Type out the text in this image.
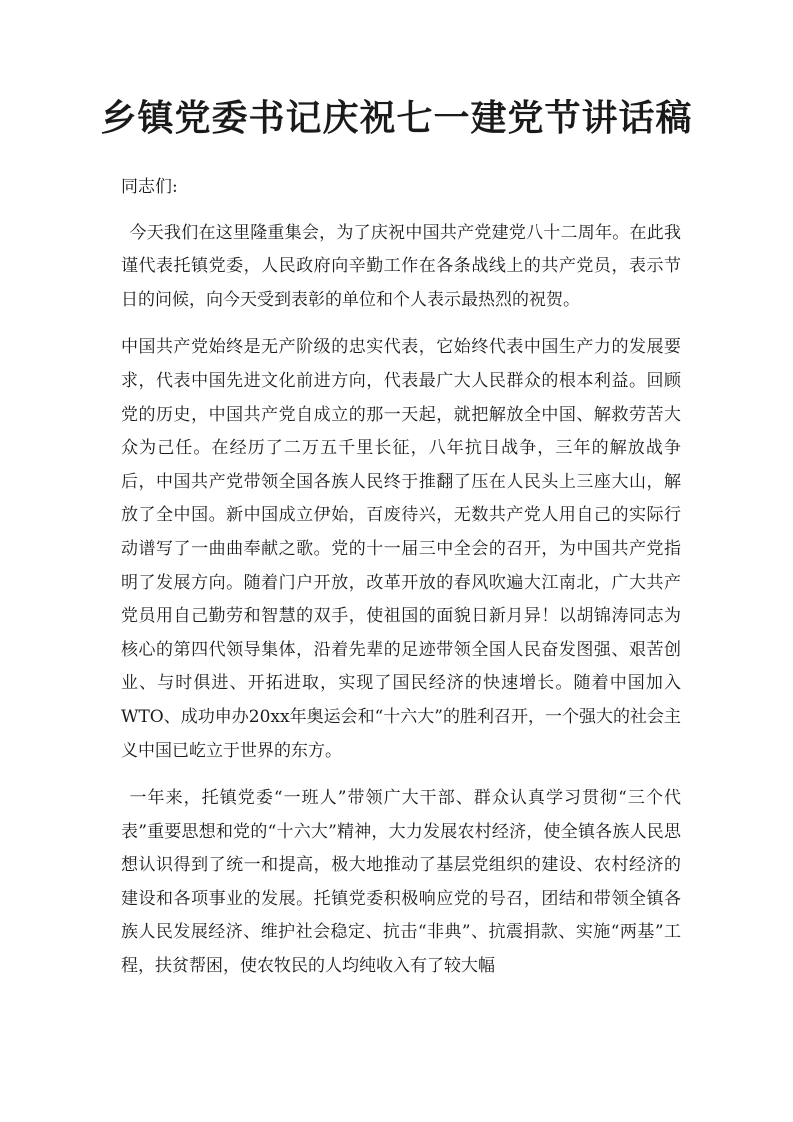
乡镇党委书记庆祝七一建党节讲话稿

同志们:

今天我们在这里隆重集会，为了庆祝中国共产党建党八十二周年。在此我谨代表托镇党委，人民政府向辛勤工作在各条战线上的共产党员，表示节日的问候，向今天受到表彰的单位和个人表示最热烈的祝贺。

中国共产党始终是无产阶级的忠实代表，它始终代表中国生产力的发展要求，代表中国先进文化前进方向，代表最广大人民群众的根本利益。回顾党的历史，中国共产党自成立的那一天起，就把解放全中国、解救劳苦大众为己任。在经历了二万五千里长征，八年抗日战争，三年的解放战争后，中国共产党带领全国各族人民终于推翻了压在人民头上三座大山，解放了全中国。新中国成立伊始，百废待兴，无数共产党人用自己的实际行动谱写了一曲曲奉献之歌。党的十一届三中全会的召开，为中国共产党指明了发展方向。随着门户开放，改革开放的春风吹遍大江南北，广大共产党员用自己勤劳和智慧的双手，使祖国的面貌日新月异！以胡锦涛同志为核心的第四代领导集体，沿着先辈的足迹带领全国人民奋发图强、艰苦创业、与时俱进、开拓进取，实现了国民经济的快速增长。随着中国加入WTO、成功申办20xx年奥运会和“十六大”的胜利召开，一个强大的社会主义中国已屹立于世界的东方。

一年来，托镇党委“一班人”带领广大干部、群众认真学习贯彻“三个代表”重要思想和党的“十六大”精神，大力发展农村经济，使全镇各族人民思想认识得到了统一和提高，极大地推动了基层党组织的建设、农村经济的建设和各项事业的发展。托镇党委积极响应党的号召，团结和带领全镇各族人民发展经济、维护社会稳定、抗击“非典”、抗震捐款、实施“两基”工程，扶贫帮困，使农牧民的人均纯收入有了较大幅
